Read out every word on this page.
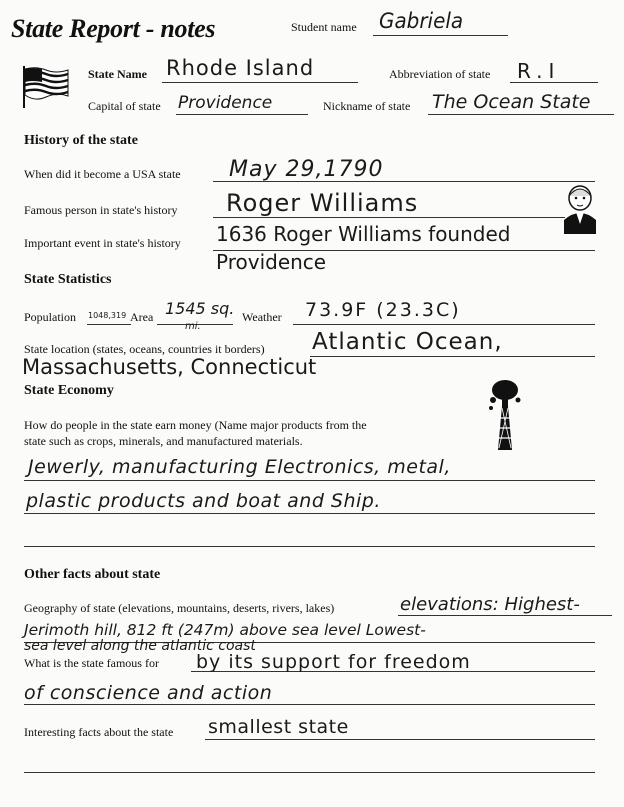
State Report - notes	Student name Gabriela
State Name Rhode Island	Abbreviation of state R.I
Capital of state Providence	Nickname of state The Ocean State
History of the state
When did it become a USA state May 29,1790
Famous person in state's history Roger Williams
Important event in state's history 1636 Roger Williams founded
Providence
State Statistics
Population 1048,319 Area 1545 sq.
mi.
Weather 73.9F (23.3C)
State location (states, oceans, countries it borders) Atlantic Ocean,
Massachusetts, Connecticut
State Economy
How do people in the state earn money (Name major products from the
state such as crops, minerals, and manufactured materials.
Jewerly, manufacturing Electronics, metal,
plastic products and boat and Ship.
Other facts about state
Geography of state (elevations, mountains, deserts, rivers, lakes)	elevations: Highest-
Jerimoth hill, 812 ft (247m) above sea level Lowest-
sea level along the atlantic coast
What is the state famous for by its support for freedom
of conscience and action
Interesting facts about the state smallest state
